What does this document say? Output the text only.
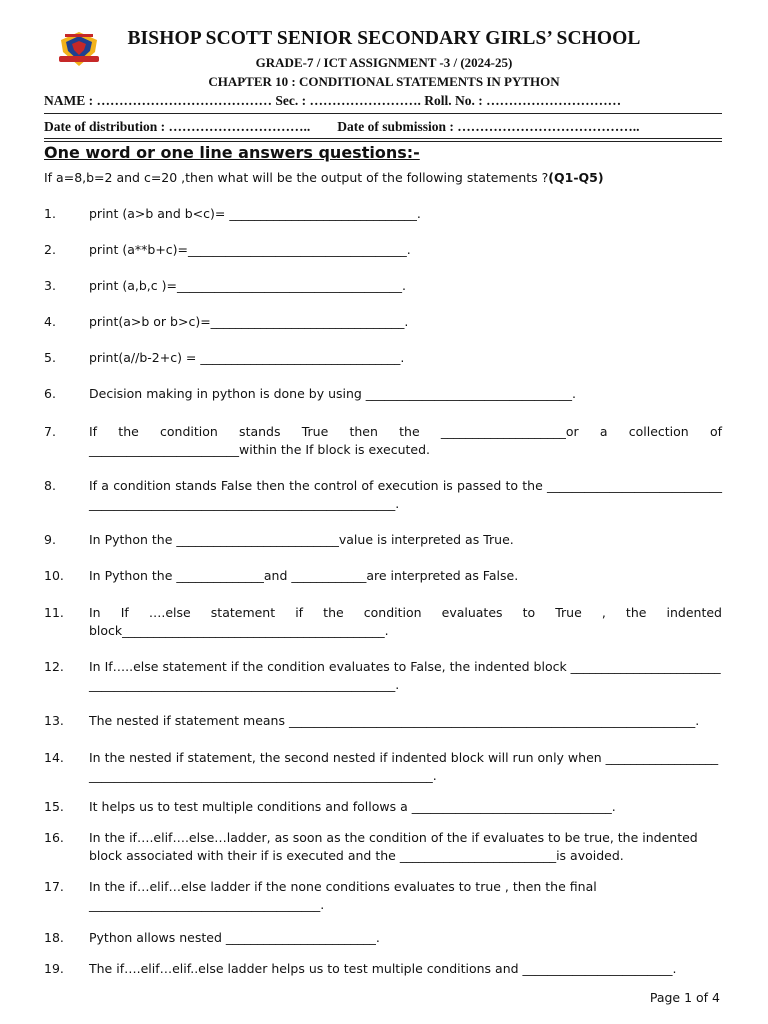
BISHOP SCOTT SENIOR SECONDARY GIRLS’ SCHOOL
GRADE-7 / ICT ASSIGNMENT -3 / (2024-25)
CHAPTER 10 : CONDITIONAL STATEMENTS IN PYTHON
NAME : ………………………………… Sec. : ……………………. Roll. No. : …………………………
Date of distribution : …………………………..        Date of submission : …………………………………..
One word or one line answers questions:-
If a=8,b=2 and c=20 ,then what will be the output of the following statements ?(Q1-Q5)
1.	print (a>b and b<c)= ______________________________.
2.	print (a**b+c)=___________________________________.
3.	print (a,b,c )=____________________________________.
4.	print(a>b or b>c)=_______________________________.
5.	print(a//b-2+c) = ________________________________.
6.	Decision making in python is done by using _________________________________.
7.	If the condition stands True then the ____________________or a collection of ________________________within the If block is executed.
8.	If a condition stands False then the control of execution is passed to the _____________________________________________________________________________.
9.	In Python the __________________________value is interpreted as True.
10. In Python the ______________and ____________are interpreted as False.
11. In If ….else statement if the condition evaluates to True , the indented block__________________________________________.
12. In If…..else statement if the condition evaluates to False, the indented block _________________________________________________________________________.
13. The nested if statement means _________________________________________________________________.
14. In the nested if statement, the second nested if indented block will run only when _________________________________________________________________________.
15. It helps us to test multiple conditions and follows a ________________________________.
16. In the if….elif….else…ladder, as soon as the condition of the if evaluates to be true, the indented block associated with their if is executed and the _________________________is avoided.
17. In the if…elif…else ladder if the none conditions evaluates to true , then the final _____________________________________.
18. Python allows nested ________________________.
19. The if….elif…elif..else ladder helps us to test multiple conditions and ________________________.
Page 1 of 4
